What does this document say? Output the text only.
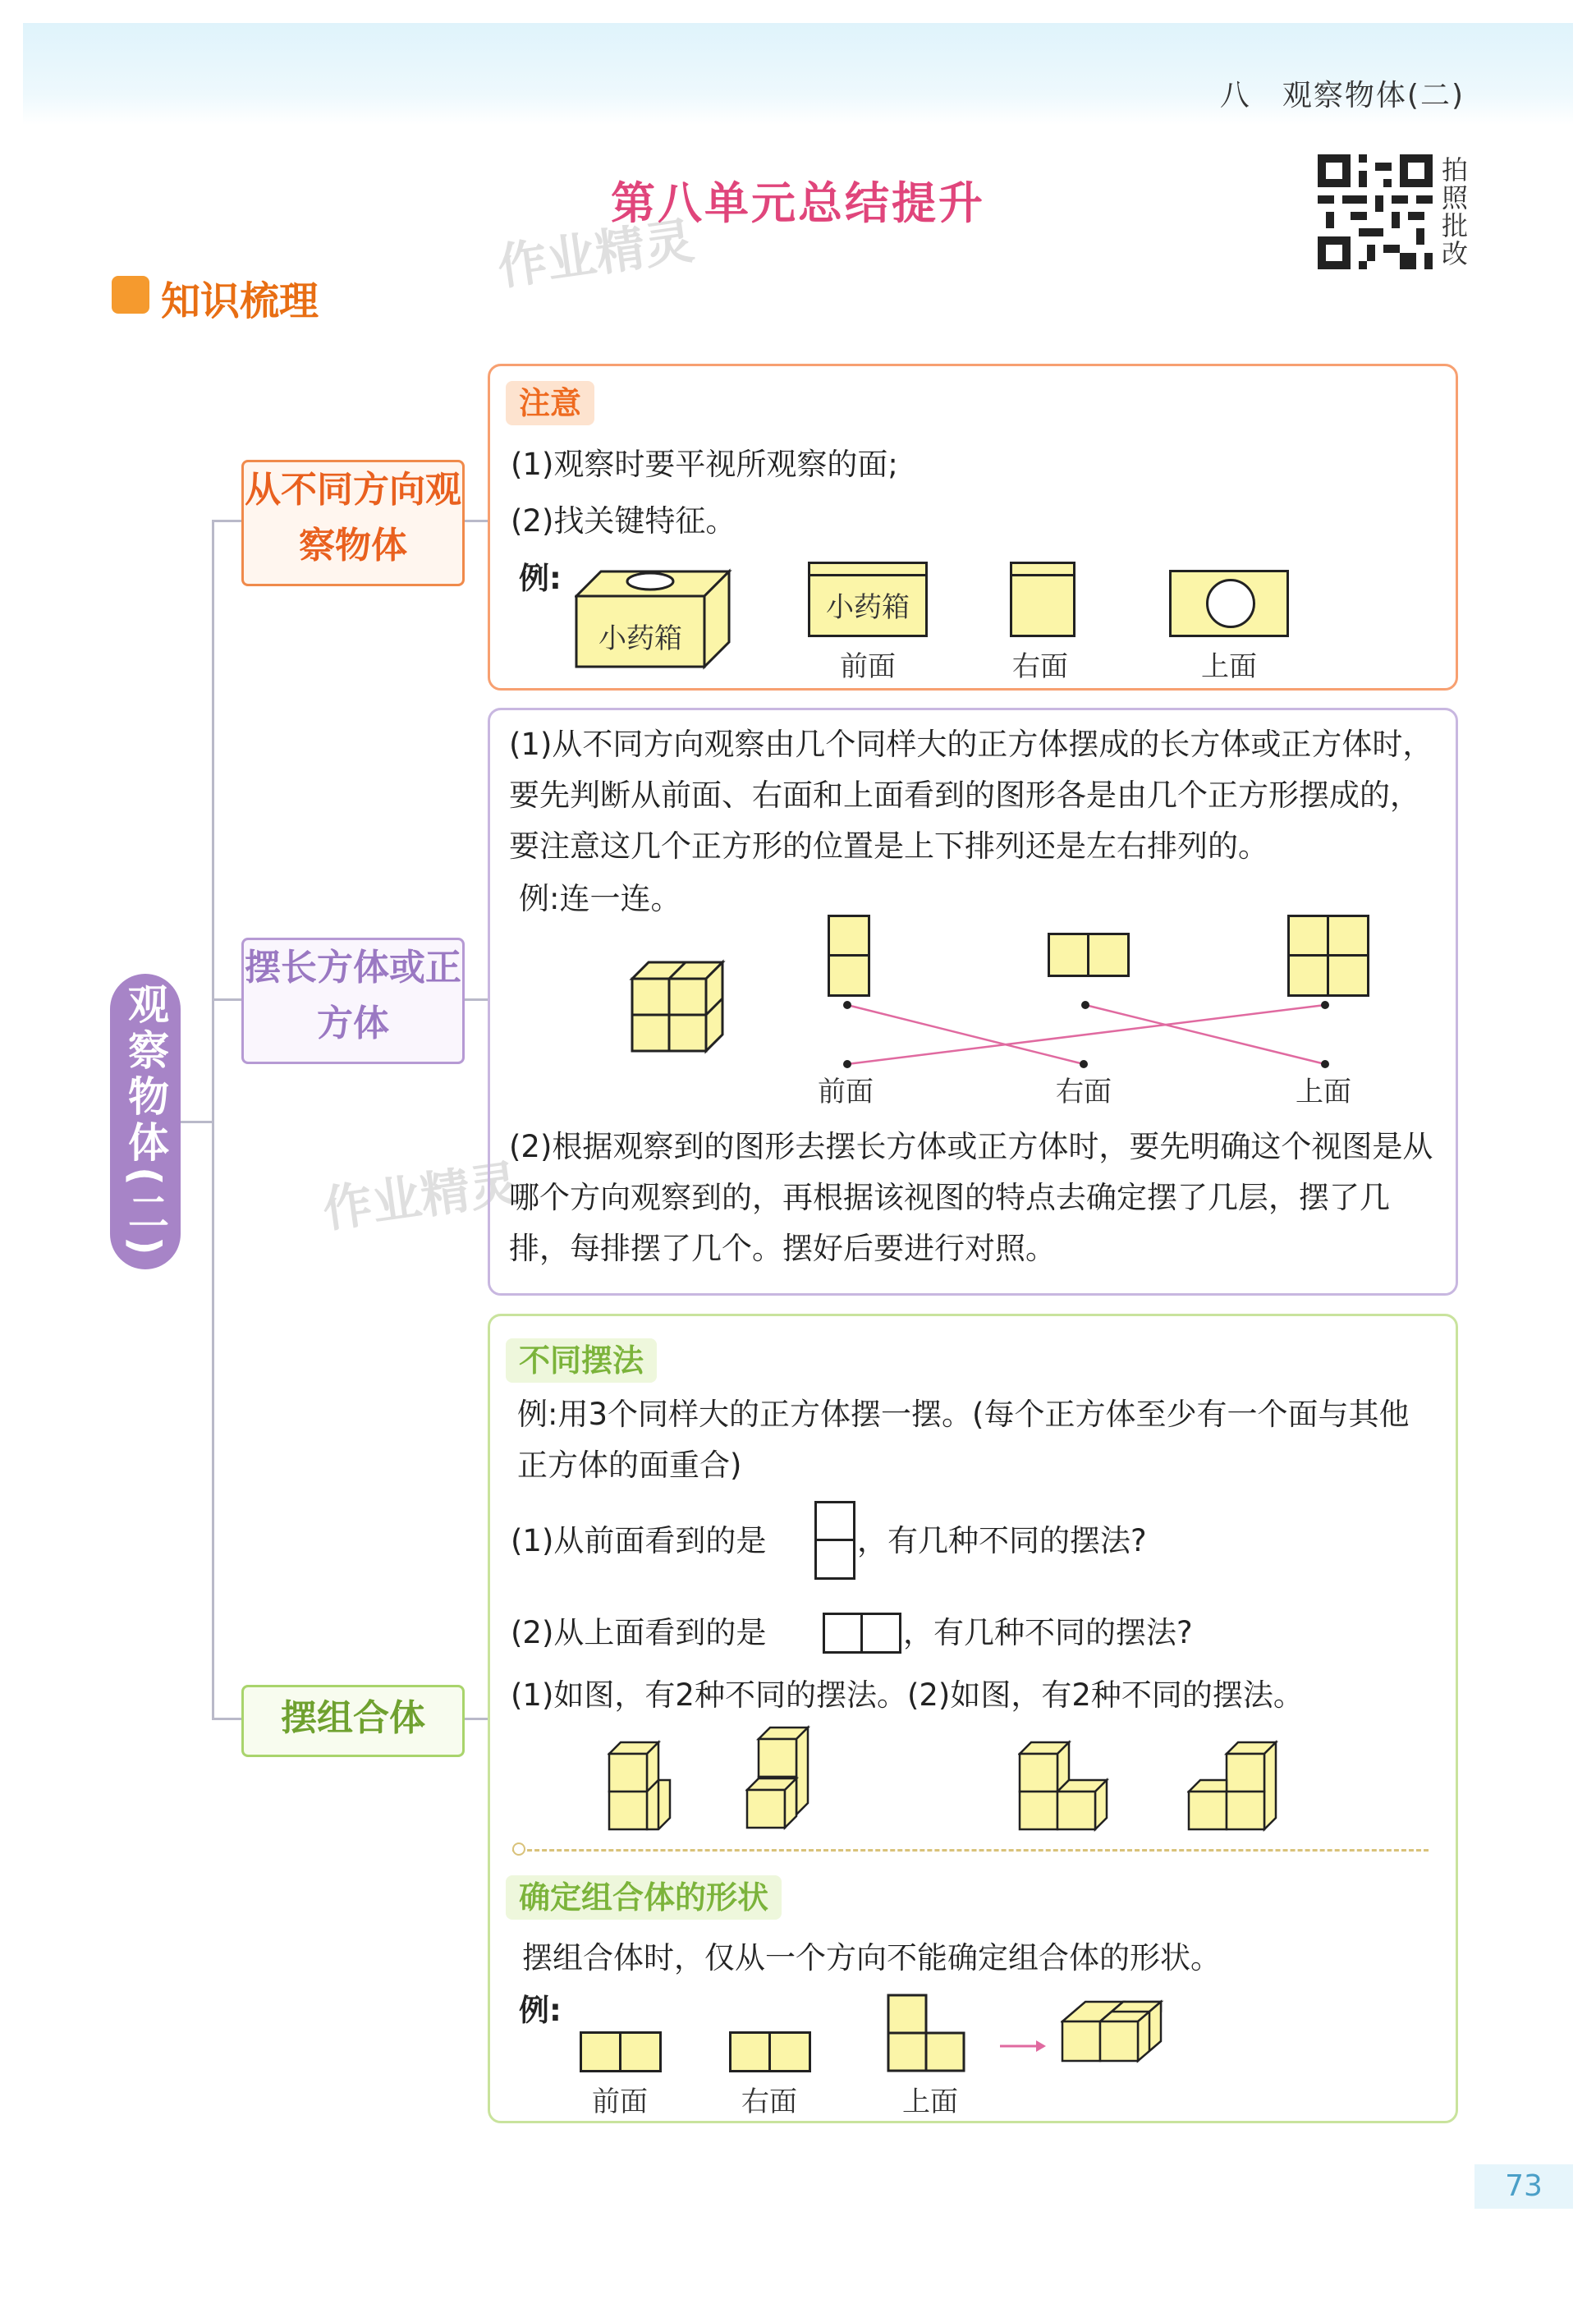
八　观察物体(二)
第八单元总结提升
拍照批改
知识梳理
作业精灵
作业精灵
观察物体(二)
从不同方向观察物体
摆长方体或正方体
摆组合体
注意
(1)观察时要平视所观察的面;
(2)找关键特征。
例:
小药箱
小药箱
前面	右面	上面
(1)从不同方向观察由几个同样大的正方体摆成的长方体或正方体时，要先判断从前面、右面和上面看到的图形各是由几个正方形摆成的，要注意这几个正方形的位置是上下排列还是左右排列的。
例:连一连。
前面	右面	上面
(2)根据观察到的图形去摆长方体或正方体时，要先明确这个视图是从哪个方向观察到的，再根据该视图的特点去确定摆了几层，摆了几排，每排摆了几个。摆好后要进行对照。
不同摆法
例:用3个同样大的正方体摆一摆。(每个正方体至少有一个面与其他正方体的面重合)
(1)从前面看到的是	，有几种不同的摆法?
(2)从上面看到的是	，有几种不同的摆法?
(1)如图，有2种不同的摆法。(2)如图，有2种不同的摆法。
确定组合体的形状
摆组合体时，仅从一个方向不能确定组合体的形状。
例:
前面	右面	上面
73
